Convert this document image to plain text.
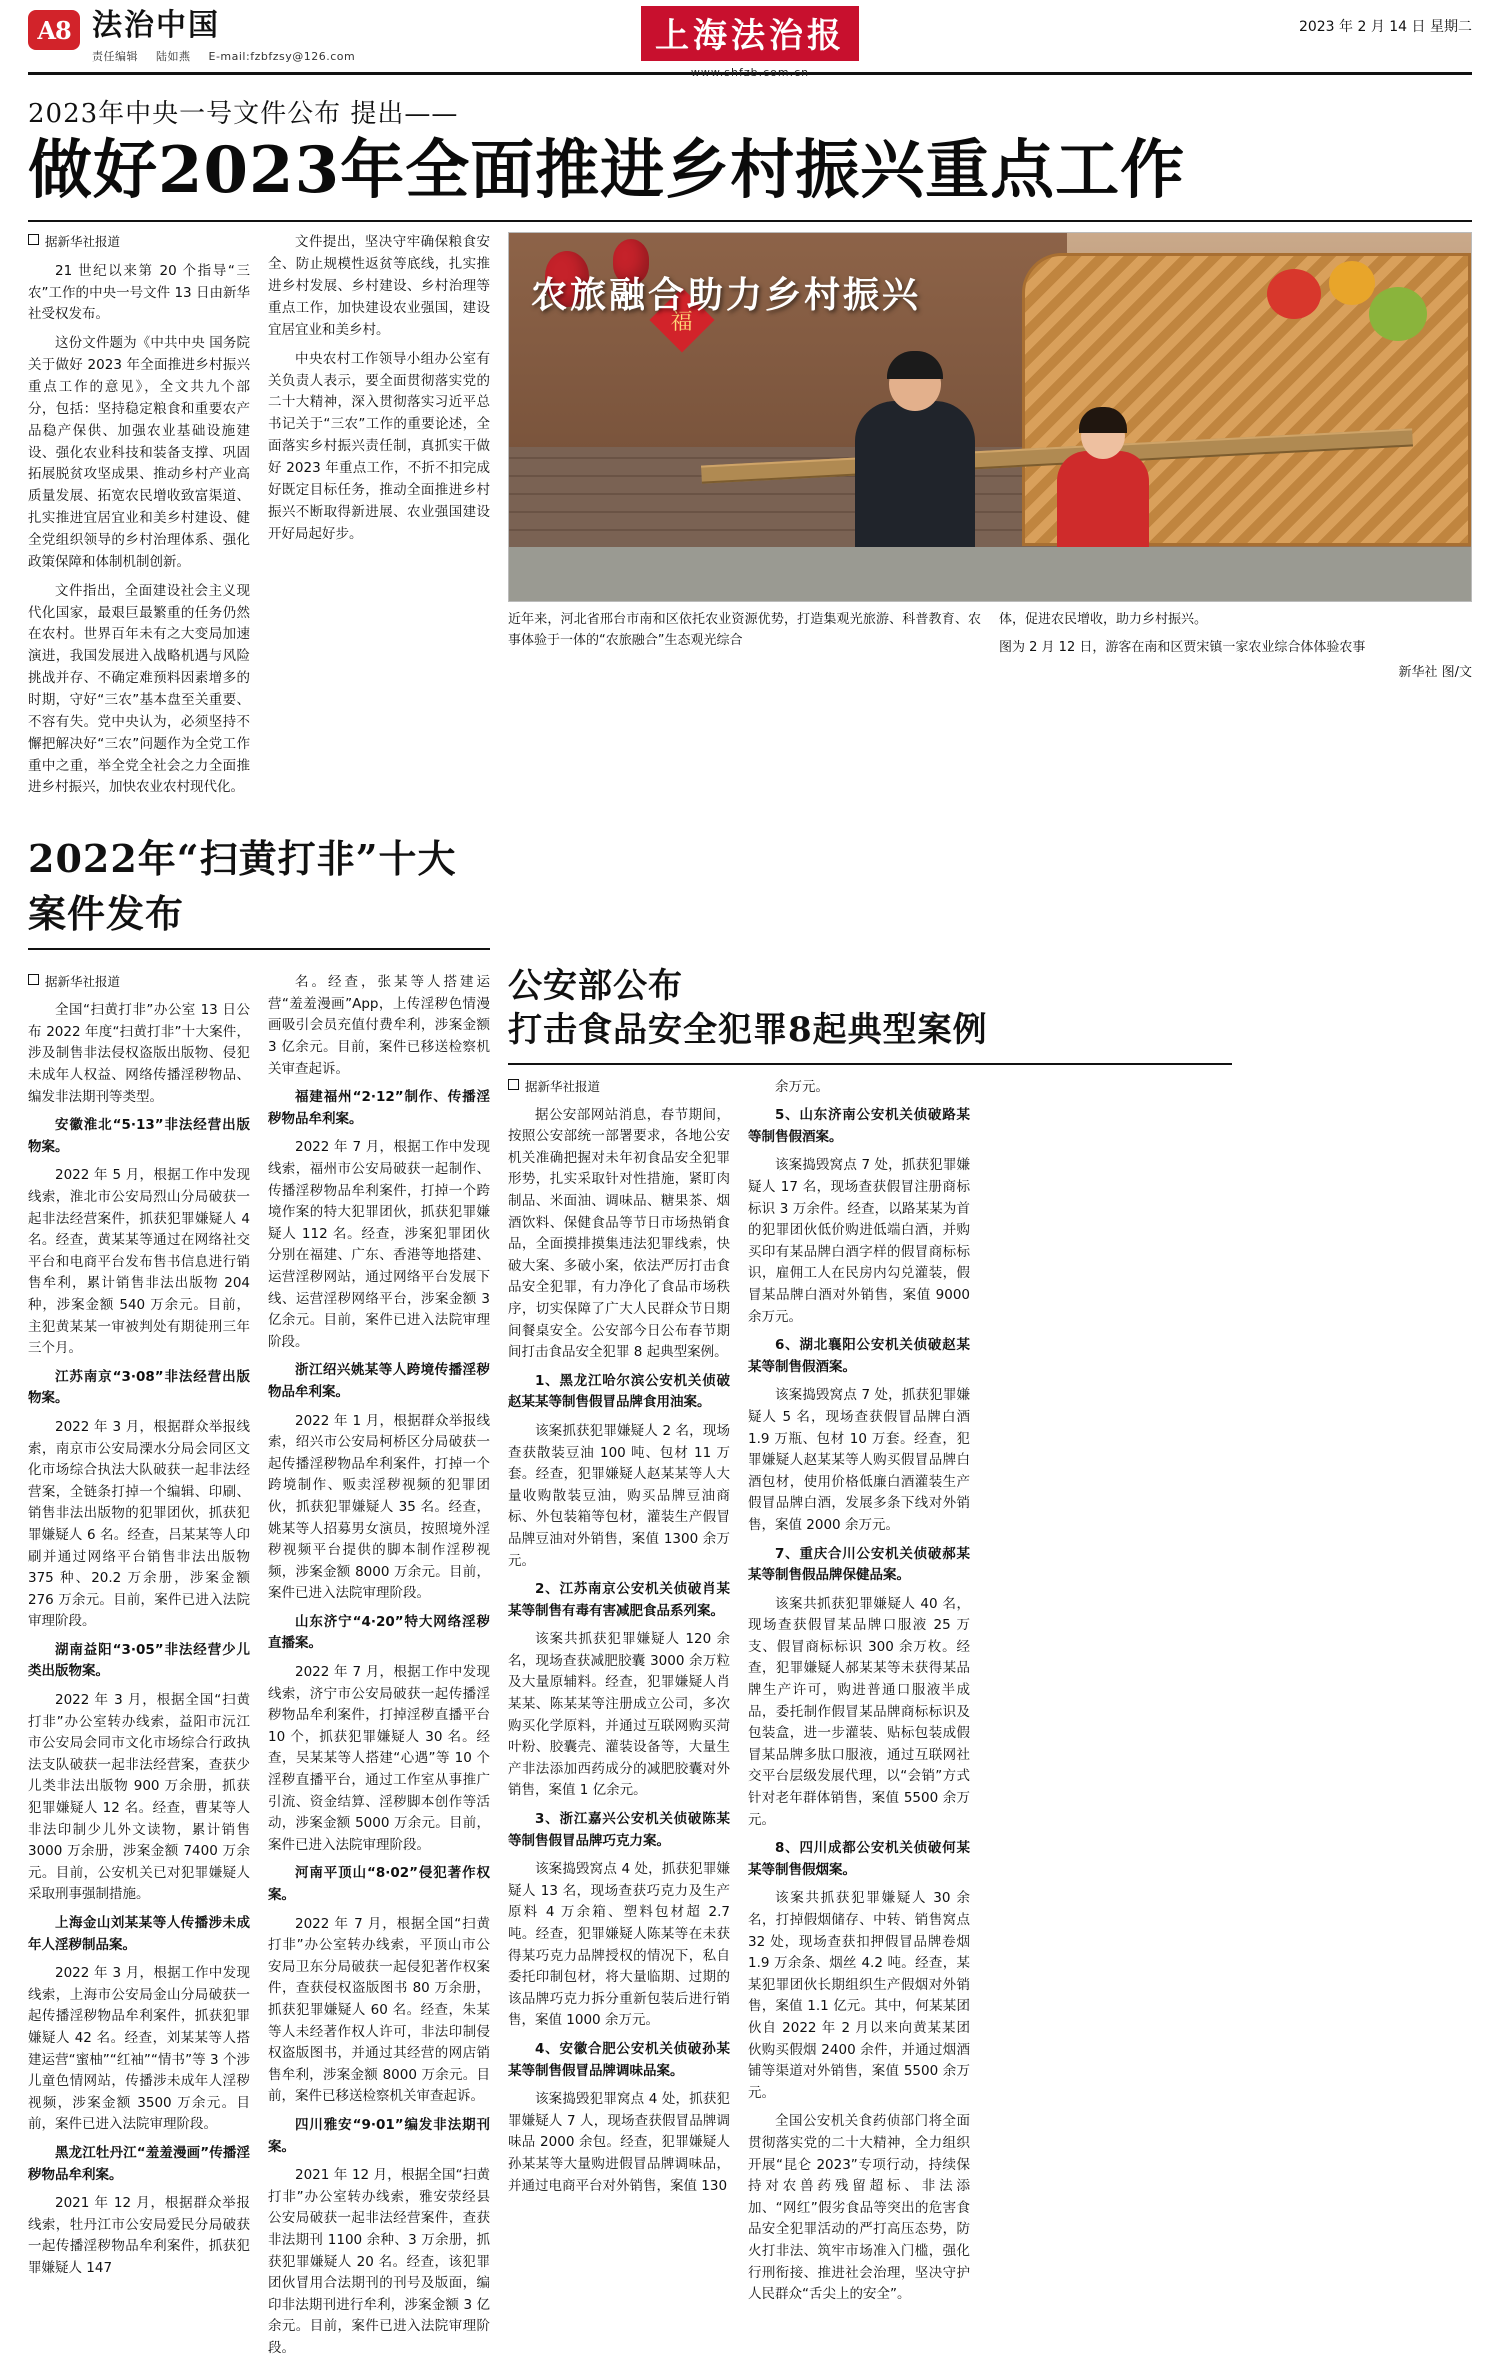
A8 法治中国
责任编辑 陆如燕 E-mail:fzbfzsy@126.com	上海法治报
www.shfzb.com.cn
2023 年 2 月 14 日 星期二
2023年中央一号文件公布 提出——
做好2023年全面推进乡村振兴重点工作
据新华社报道

21 世纪以来第 20 个指导“三农”工作的中央一号文件 13 日由新华社受权发布。

这份文件题为《中共中央 国务院关于做好 2023 年全面推进乡村振兴重点工作的意见》，全文共九个部分，包括：坚持稳定粮食和重要农产品稳产保供、加强农业基础设施建设、强化农业科技和装备支撑、巩固拓展脱贫攻坚成果、推动乡村产业高质量发展、拓宽农民增收致富渠道、扎实推进宜居宜业和美乡村建设、健全党组织领导的乡村治理体系、强化政策保障和体制机制创新。

文件指出，全面建设社会主义现代化国家，最艰巨最繁重的任务仍然在农村。世界百年未有之大变局加速演进，我国发展进入战略机遇与风险挑战并存、不确定难预料因素增多的时期，守好“三农”基本盘至关重要、不容有失。党中央认为，必须坚持不懈把解决好“三农”问题作为全党工作重中之重，举全党全社会之力全面推进乡村振兴，加快农业农村现代化。

文件提出，坚决守牢确保粮食安全、防止规模性返贫等底线，扎实推进乡村发展、乡村建设、乡村治理等重点工作，加快建设农业强国，建设宜居宜业和美乡村。

中央农村工作领导小组办公室有关负责人表示，要全面贯彻落实党的二十大精神，深入贯彻落实习近平总书记关于“三农”工作的重要论述，全面落实乡村振兴责任制，真抓实干做好 2023 年重点工作，不折不扣完成好既定目标任务，推动全面推进乡村振兴不断取得新进展、农业强国建设开好局起好步。

福
农旅融合助力乡村振兴
近年来，河北省邢台市南和区依托农业资源优势，打造集观光旅游、科普教育、农事体验于一体的“农旅融合”生态观光综合
体，促进农民增收，助力乡村振兴。
图为 2 月 12 日，游客在南和区贾宋镇一家农业综合体体验农事
新华社 图/文
2022年“扫黄打非”十大案件发布
据新华社报道

全国“扫黄打非”办公室 13 日公布 2022 年度“扫黄打非”十大案件，涉及制售非法侵权盗版出版物、侵犯未成年人权益、网络传播淫秽物品、编发非法期刊等类型。

安徽淮北“5·13”非法经营出版物案。

2022 年 5 月，根据工作中发现线索，淮北市公安局烈山分局破获一起非法经营案件，抓获犯罪嫌疑人 4 名。经查，黄某某等通过在网络社交平台和电商平台发布售书信息进行销售牟利，累计销售非法出版物 204 种，涉案金额 540 万余元。目前，主犯黄某某一审被判处有期徒刑三年三个月。

江苏南京“3·08”非法经营出版物案。

2022 年 3 月，根据群众举报线索，南京市公安局溧水分局会同区文化市场综合执法大队破获一起非法经营案，全链条打掉一个编辑、印刷、销售非法出版物的犯罪团伙，抓获犯罪嫌疑人 6 名。经查，吕某某等人印刷并通过网络平台销售非法出版物 375 种、20.2 万余册，涉案金额 276 万余元。目前，案件已进入法院审理阶段。

湖南益阳“3·05”非法经营少儿类出版物案。

2022 年 3 月，根据全国“扫黄打非”办公室转办线索，益阳市沅江市公安局会同市文化市场综合行政执法支队破获一起非法经营案，查获少儿类非法出版物 900 万余册，抓获犯罪嫌疑人 12 名。经查，曹某等人非法印制少儿外文读物，累计销售 3000 万余册，涉案金额 7400 万余元。目前，公安机关已对犯罪嫌疑人采取刑事强制措施。

上海金山刘某某等人传播涉未成年人淫秽制品案。

2022 年 3 月，根据工作中发现线索，上海市公安局金山分局破获一起传播淫秽物品牟利案件，抓获犯罪嫌疑人 42 名。经查，刘某某等人搭建运营“蜜柚”“红袖”“情书”等 3 个涉儿童色情网站，传播涉未成年人淫秽视频，涉案金额 3500 万余元。目前，案件已进入法院审理阶段。

黑龙江牡丹江“羞羞漫画”传播淫秽物品牟利案。

2021 年 12 月，根据群众举报线索，牡丹江市公安局爱民分局破获一起传播淫秽物品牟利案件，抓获犯罪嫌疑人 147

名。经查，张某等人搭建运营“羞羞漫画”App，上传淫秽色情漫画吸引会员充值付费牟利，涉案金额 3 亿余元。目前，案件已移送检察机关审查起诉。

福建福州“2·12”制作、传播淫秽物品牟利案。

2022 年 7 月，根据工作中发现线索，福州市公安局破获一起制作、传播淫秽物品牟利案件，打掉一个跨境作案的特大犯罪团伙，抓获犯罪嫌疑人 112 名。经查，涉案犯罪团伙分别在福建、广东、香港等地搭建、运营淫秽网站，通过网络平台发展下线、运营淫秽网络平台，涉案金额 3 亿余元。目前，案件已进入法院审理阶段。

浙江绍兴姚某等人跨境传播淫秽物品牟利案。

2022 年 1 月，根据群众举报线索，绍兴市公安局柯桥区分局破获一起传播淫秽物品牟利案件，打掉一个跨境制作、贩卖淫秽视频的犯罪团伙，抓获犯罪嫌疑人 35 名。经查，姚某等人招募男女演员，按照境外淫秽视频平台提供的脚本制作淫秽视频，涉案金额 8000 万余元。目前，案件已进入法院审理阶段。

山东济宁“4·20”特大网络淫秽直播案。

2022 年 7 月，根据工作中发现线索，济宁市公安局破获一起传播淫秽物品牟利案件，打掉淫秽直播平台 10 个，抓获犯罪嫌疑人 30 名。经查，吴某某等人搭建“心遇”等 10 个淫秽直播平台，通过工作室从事推广引流、资金结算、淫秽脚本创作等活动，涉案金额 5000 万余元。目前，案件已进入法院审理阶段。

河南平顶山“8·02”侵犯著作权案。

2022 年 7 月，根据全国“扫黄打非”办公室转办线索，平顶山市公安局卫东分局破获一起侵犯著作权案件，查获侵权盗版图书 80 万余册，抓获犯罪嫌疑人 60 名。经查，朱某等人未经著作权人许可，非法印制侵权盗版图书，并通过其经营的网店销售牟利，涉案金额 8000 万余元。目前，案件已移送检察机关审查起诉。

四川雅安“9·01”编发非法期刊案。

2021 年 12 月，根据全国“扫黄打非”办公室转办线索，雅安荥经县公安局破获一起非法经营案件，查获非法期刊 1100 余种、3 万余册，抓获犯罪嫌疑人 20 名。经查，该犯罪团伙冒用合法期刊的刊号及版面，编印非法期刊进行牟利，涉案金额 3 亿余元。目前，案件已进入法院审理阶段。

公安部公布
打击食品安全犯罪8起典型案例
据新华社报道

据公安部网站消息，春节期间，按照公安部统一部署要求，各地公安机关准确把握对未年初食品安全犯罪形势，扎实采取针对性措施，紧盯肉制品、米面油、调味品、糖果茶、烟酒饮料、保健食品等节日市场热销食品，全面摸排摸集违法犯罪线索，快破大案、多破小案，依法严厉打击食品安全犯罪，有力净化了食品市场秩序，切实保障了广大人民群众节日期间餐桌安全。公安部今日公布春节期间打击食品安全犯罪 8 起典型案例。

1、黑龙江哈尔滨公安机关侦破赵某某等制售假冒品牌食用油案。

该案抓获犯罪嫌疑人 2 名，现场查获散装豆油 100 吨、包材 11 万套。经查，犯罪嫌疑人赵某某等人大量收购散装豆油，购买品牌豆油商标、外包装箱等包材，灌装生产假冒品牌豆油对外销售，案值 1300 余万元。

2、江苏南京公安机关侦破肖某某等制售有毒有害减肥食品系列案。

该案共抓获犯罪嫌疑人 120 余名，现场查获减肥胶囊 3000 余万粒及大量原辅料。经查，犯罪嫌疑人肖某某、陈某某等注册成立公司，多次购买化学原料，并通过互联网购买菏叶粉、胶囊壳、灌装设备等，大量生产非法添加西药成分的减肥胶囊对外销售，案值 1 亿余元。

3、浙江嘉兴公安机关侦破陈某等制售假冒品牌巧克力案。

该案捣毁窝点 4 处，抓获犯罪嫌疑人 13 名，现场查获巧克力及生产原料 4 万余箱、塑料包材超 2.7 吨。经查，犯罪嫌疑人陈某等在未获得某巧克力品牌授权的情况下，私自委托印制包材，将大量临期、过期的该品牌巧克力拆分重新包装后进行销售，案值 1000 余万元。

4、安徽合肥公安机关侦破孙某某等制售假冒品牌调味品案。

该案捣毁犯罪窝点 4 处，抓获犯罪嫌疑人 7 人，现场查获假冒品牌调味品 2000 余包。经查，犯罪嫌疑人孙某某等大量购进假冒品牌调味品，并通过电商平台对外销售，案值 130

余万元。

5、山东济南公安机关侦破路某等制售假酒案。

该案捣毁窝点 7 处，抓获犯罪嫌疑人 17 名，现场查获假冒注册商标标识 3 万余件。经查，以路某某为首的犯罪团伙低价购进低端白酒，并购买印有某品牌白酒字样的假冒商标标识，雇佣工人在民房内勾兑灌装，假冒某品牌白酒对外销售，案值 9000 余万元。

6、湖北襄阳公安机关侦破赵某某等制售假酒案。

该案捣毁窝点 7 处，抓获犯罪嫌疑人 5 名，现场查获假冒品牌白酒 1.9 万瓶、包材 10 万套。经查，犯罪嫌疑人赵某某等人购买假冒品牌白酒包材，使用价格低廉白酒灌装生产假冒品牌白酒，发展多条下线对外销售，案值 2000 余万元。

7、重庆合川公安机关侦破郝某某等制售假品牌保健品案。

该案共抓获犯罪嫌疑人 40 名，现场查获假冒某品牌口服液 25 万支、假冒商标标识 300 余万枚。经查，犯罪嫌疑人郝某某等未获得某品牌生产许可，购进普通口服液半成品，委托制作假冒某品牌商标标识及包装盒，进一步灌装、贴标包装成假冒某品牌多肽口服液，通过互联网社交平台层级发展代理，以“会销”方式针对老年群体销售，案值 5500 余万元。

8、四川成都公安机关侦破何某某等制售假烟案。

该案共抓获犯罪嫌疑人 30 余名，打掉假烟储存、中转、销售窝点 32 处，现场查获扣押假冒品牌卷烟 1.9 万余条、烟丝 4.2 吨。经查，某某犯罪团伙长期组织生产假烟对外销售，案值 1.1 亿元。其中，何某某团伙自 2022 年 2 月以来向黄某某团伙购买假烟 2400 余件，并通过烟酒铺等渠道对外销售，案值 5500 余万元。

全国公安机关食药侦部门将全面贯彻落实党的二十大精神，全力组织开展“昆仑 2023”专项行动，持续保持对农兽药残留超标、非法添加、“网红”假劣食品等突出的危害食品安全犯罪活动的严打高压态势，防火打非法、筑牢市场准入门槛，强化行刑衔接、推进社会治理，坚决守护人民群众“舌尖上的安全”。
